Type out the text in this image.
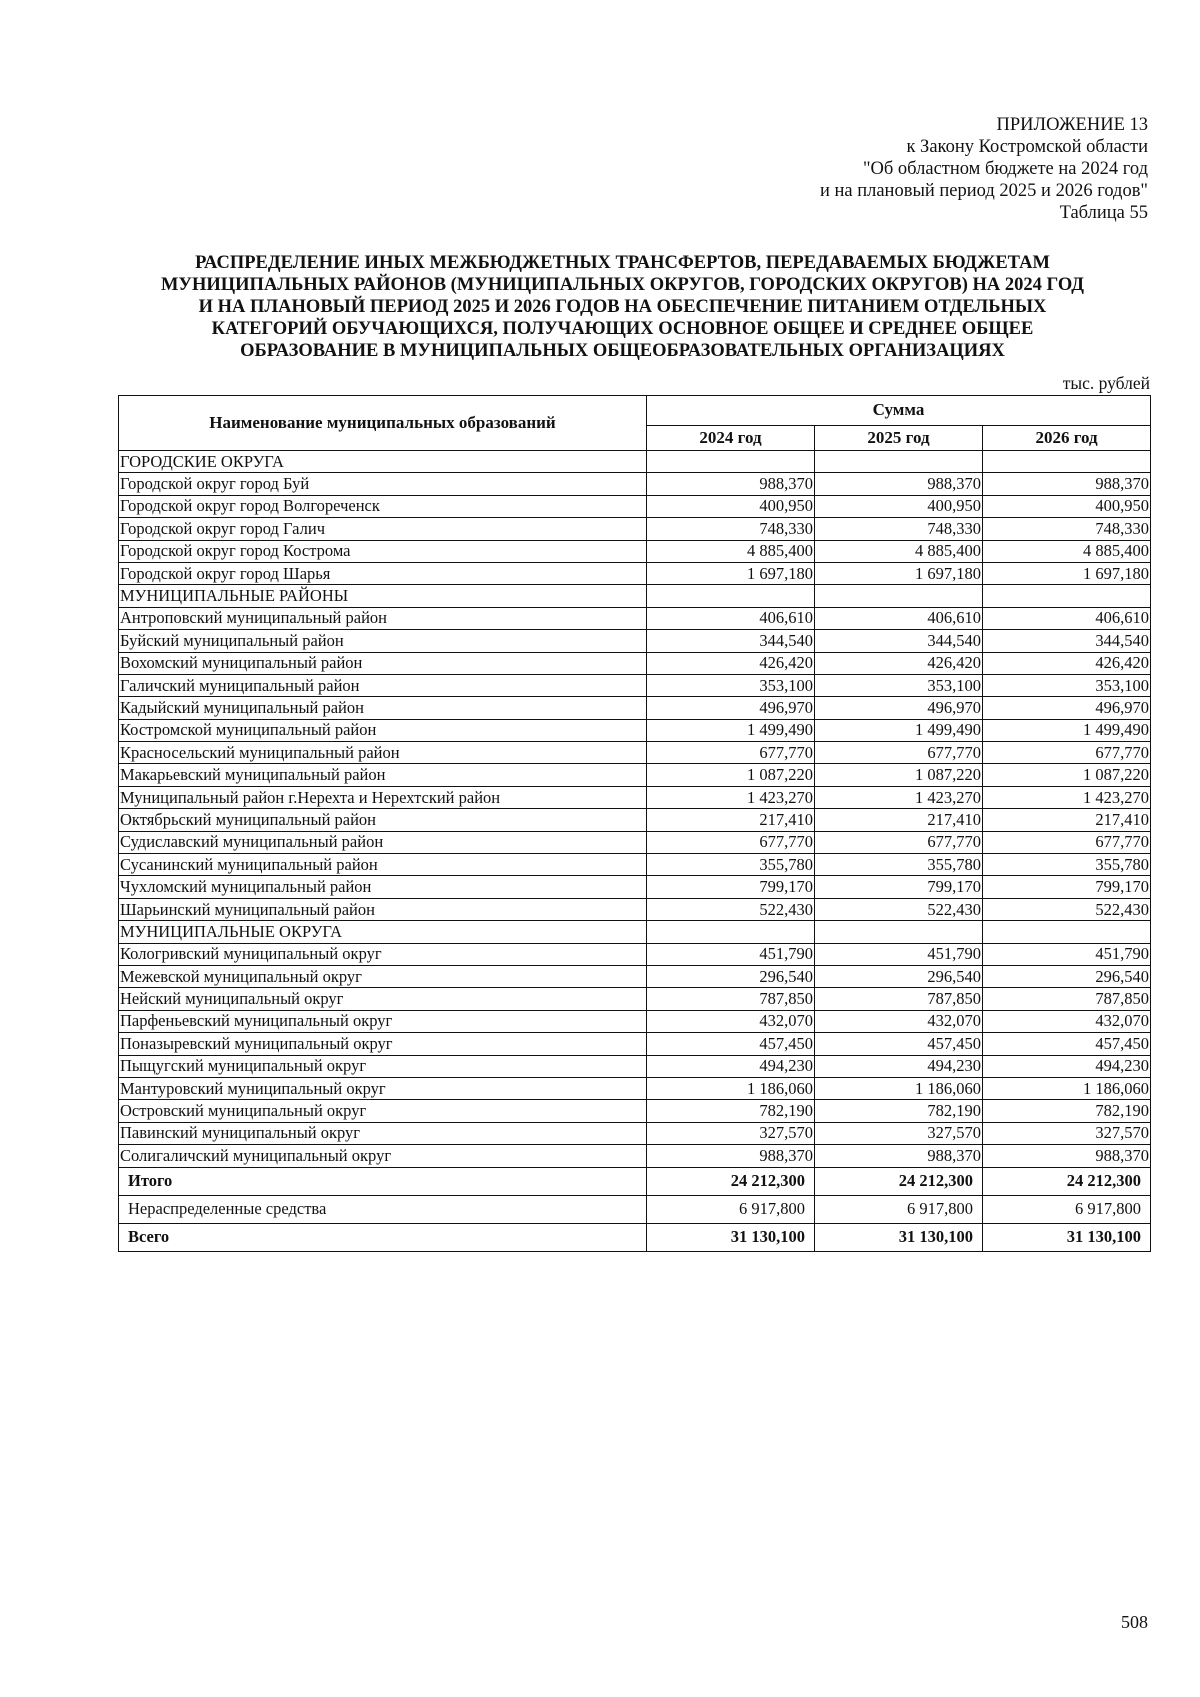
ПРИЛОЖЕНИЕ 13
к Закону Костромской области
"Об областном бюджете на 2024 год
и на плановый период 2025 и 2026 годов"
Таблица 55
РАСПРЕДЕЛЕНИЕ ИНЫХ МЕЖБЮДЖЕТНЫХ ТРАНСФЕРТОВ, ПЕРЕДАВАЕМЫХ БЮДЖЕТАМ
МУНИЦИПАЛЬНЫХ РАЙОНОВ (МУНИЦИПАЛЬНЫХ ОКРУГОВ, ГОРОДСКИХ ОКРУГОВ) НА 2024 ГОД
И НА ПЛАНОВЫЙ ПЕРИОД 2025 И 2026 ГОДОВ НА ОБЕСПЕЧЕНИЕ ПИТАНИЕМ ОТДЕЛЬНЫХ
КАТЕГОРИЙ ОБУЧАЮЩИХСЯ, ПОЛУЧАЮЩИХ ОСНОВНОЕ ОБЩЕЕ И СРЕДНЕЕ ОБЩЕЕ
ОБРАЗОВАНИЕ В МУНИЦИПАЛЬНЫХ ОБЩЕОБРАЗОВАТЕЛЬНЫХ ОРГАНИЗАЦИЯХ
тыс. рублей
Наименование муниципальных образований	Сумма		
	2024 год	2025 год	2026 год
ГОРОДСКИЕ ОКРУГА			
Городской округ город Буй	988,370	988,370	988,370
Городской округ город Волгореченск	400,950	400,950	400,950
Городской округ город Галич	748,330	748,330	748,330
Городской округ город Кострома	4 885,400	4 885,400	4 885,400
Городской округ город Шарья	1 697,180	1 697,180	1 697,180
МУНИЦИПАЛЬНЫЕ РАЙОНЫ			
Антроповский муниципальный район	406,610	406,610	406,610
Буйский муниципальный район	344,540	344,540	344,540
Вохомский муниципальный район	426,420	426,420	426,420
Галичский муниципальный район	353,100	353,100	353,100
Кадыйский муниципальный район	496,970	496,970	496,970
Костромской муниципальный район	1 499,490	1 499,490	1 499,490
Красносельский муниципальный район	677,770	677,770	677,770
Макарьевский муниципальный район	1 087,220	1 087,220	1 087,220
Муниципальный район г.Нерехта и Нерехтский район	1 423,270	1 423,270	1 423,270
Октябрьский муниципальный район	217,410	217,410	217,410
Судиславский муниципальный район	677,770	677,770	677,770
Сусанинский муниципальный район	355,780	355,780	355,780
Чухломский муниципальный район	799,170	799,170	799,170
Шарьинский муниципальный район	522,430	522,430	522,430
МУНИЦИПАЛЬНЫЕ ОКРУГА			
Кологривский муниципальный округ	451,790	451,790	451,790
Межевской муниципальный округ	296,540	296,540	296,540
Нейский муниципальный округ	787,850	787,850	787,850
Парфеньевский муниципальный округ	432,070	432,070	432,070
Поназыревский муниципальный округ	457,450	457,450	457,450
Пыщугский муниципальный округ	494,230	494,230	494,230
Мантуровский муниципальный округ	1 186,060	1 186,060	1 186,060
Островский муниципальный округ	782,190	782,190	782,190
Павинский муниципальный округ	327,570	327,570	327,570
Солигаличский муниципальный округ	988,370	988,370	988,370
Итого	24 212,300	24 212,300	24 212,300
Нераспределенные средства	6 917,800	6 917,800	6 917,800
Всего	31 130,100	31 130,100	31 130,100
508
